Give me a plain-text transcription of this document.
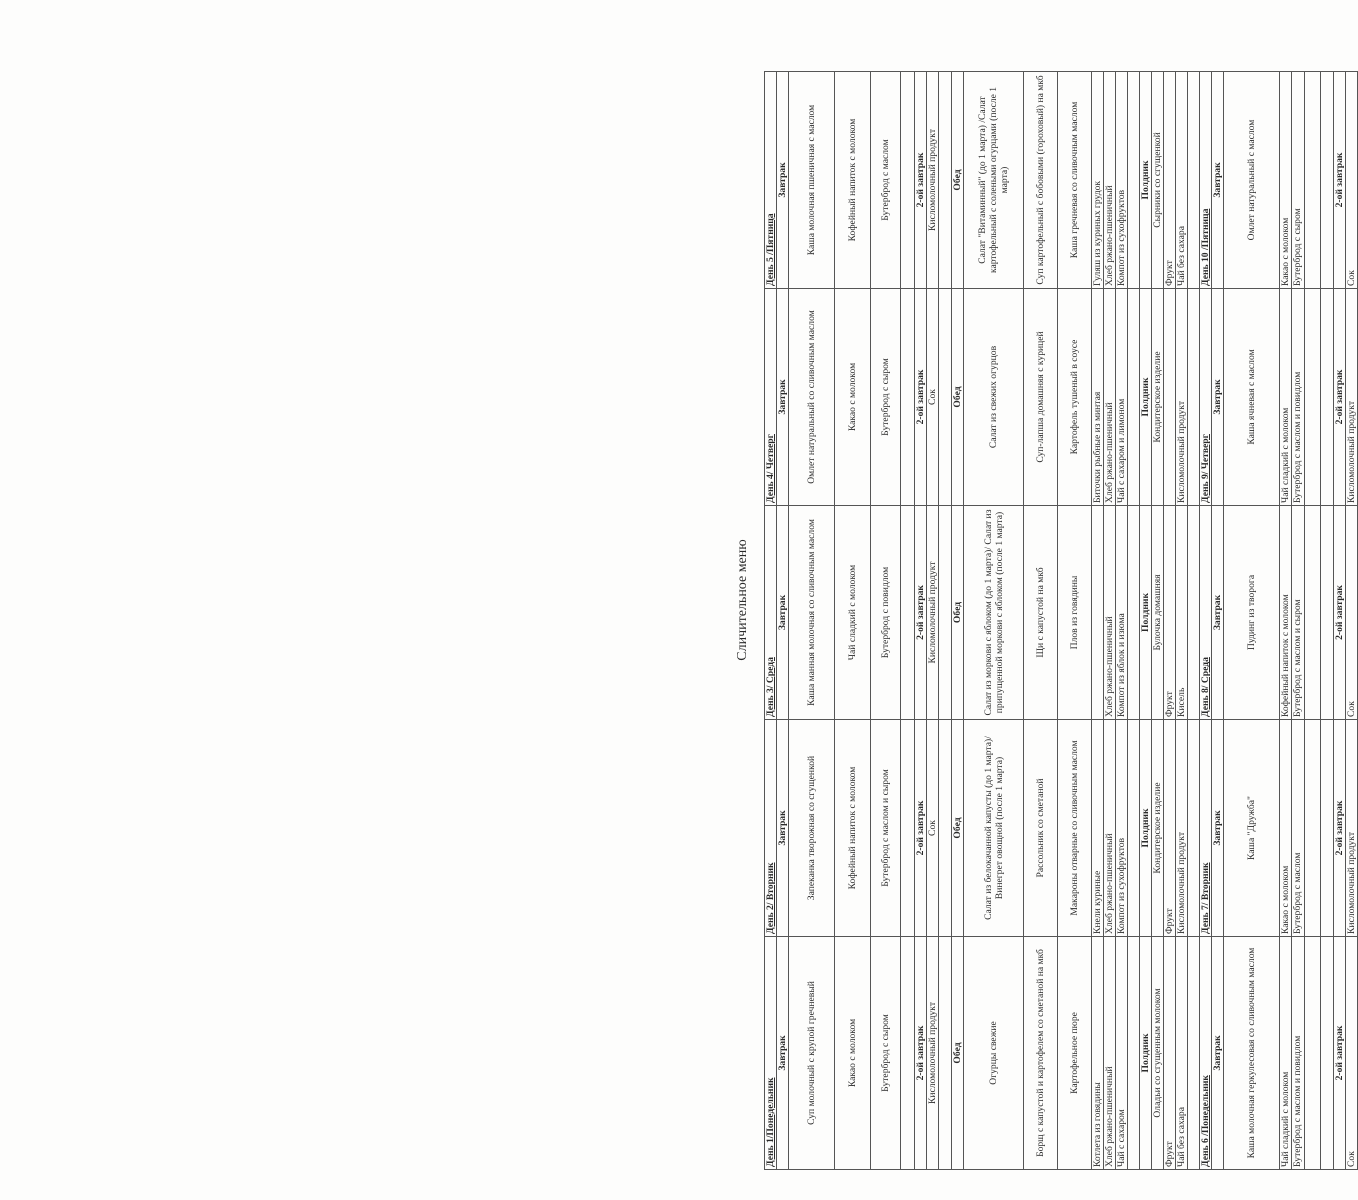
Сличительное меню
День 1/Понедельник	День 2/ Вторник	День 3/ Среда	День 4/ Четверг	День 5 /Пятница
Завтрак	Завтрак	Завтрак	Завтрак	Завтрак
Суп молочный с крупой гречневый	Запеканка творожная со сгущенкой	Каша манная молочная со сливочным маслом	Омлет натуральный со сливочным маслом	Каша молочная пшеничная с маслом
Какао с молоком	Кофейный напиток с молоком	Чай сладкий с молоком	Какао с молоком	Кофейный напиток с молоком
Бутерброд с сыром	Бутерброд с маслом и сыром	Бутерброд с повидлом	Бутерброд с сыром	Бутерброд с маслом

2-ой завтрак	2-ой завтрак	2-ой завтрак	2-ой завтрак	2-ой завтрак
Кисломолочный продукт	Сок	Кисломолочный продукт	Сок	Кисломолочный продукт

Обед	Обед	Обед	Обед	Обед
Огурцы свежие	Салат из белокачанной капусты (до 1 марта)/ Винегрет овощной (после 1 марта)	Салат из моркови с яблоком (до 1 марта)/ Салат из припущенной моркови с яблоком (после 1 марта)	Салат из свежих огурцов	Салат "Витаминный" (до 1 марта) /Салат картофельный с солеными огурцами (после 1 марта)
Борщ с капустой и картофелем со сметаной на мкб	Рассольник со сметаной	Щи с капустой на мкб	Суп-лапша домашняя с курицей	Суп картофельный с бобовыми (гороховый) на мкб
Картофельное пюре	Макароны отварные со сливочным маслом	Плов из говядины	Картофель тушеный в соусе	Каша гречневая со сливочным маслом
Котлета из говядины	Кнели куриные		Биточки рыбные из минтая	Гуляш из куриных грудок
Хлеб ржано-пшеничный	Хлеб ржано-пшеничный	Хлеб ржано-пшеничный	Хлеб ржано-пшеничный	Хлеб ржано-пшеничный
Чай с сахаром	Компот из сухофруктов	Компот из яблок и изюма	Чай с сахаром и лимоном	Компот из сухофруктов

Полдник	Полдник	Полдник	Полдник	Полдник
Оладьи со сгущенным молоком	Кондитерское изделие	Булочка домашняя	Кондитерское изделие	Сырники со сгущенкой
Фрукт	Фрукт	Фрукт		Фрукт
Чай без сахара	Кисломолочный продукт	Кисель	Кисломолочный продукт	Чай без сахара

День 6 /Понедельник	День 7/ Вторник	День 8/ Среда	День 9/ Четверг	День 10 /Пятница
Завтрак	Завтрак	Завтрак	Завтрак	Завтрак
Каша молочная геркулесовая со сливочным маслом	Каша "Дружба"	Пудинг из творога	Каша ячневая с маслом	Омлет натуральный с маслом
Чай сладкий с молоком	Какао с молоком	Кофейный напиток с молоком	Чай сладкий с молоком	Какао с молоком
Бутерброд с маслом и повидлом	Бутерброд с маслом	Бутерброд с маслом и сыром	Бутерброд с маслом и повидлом	Бутерброд с сыром

2-ой завтрак	2-ой завтрак	2-ой завтрак	2-ой завтрак	2-ой завтрак
Сок	Кисломолочный продукт	Сок	Кисломолочный продукт	Сок
